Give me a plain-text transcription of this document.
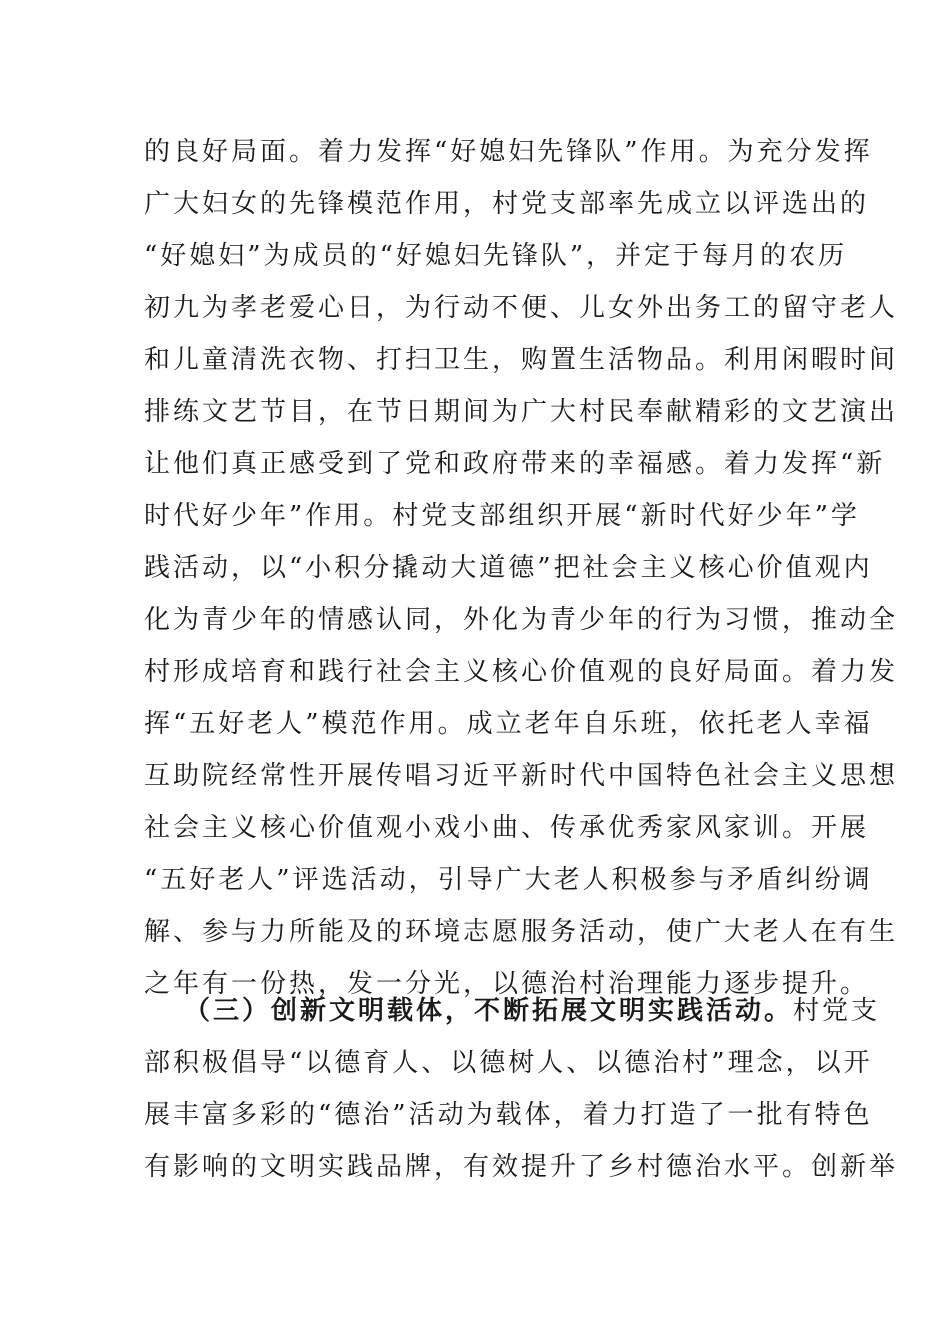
的良好局面。着力发挥“好媳妇先锋队”作用。为充分发挥
广大妇女的先锋模范作用，村党支部率先成立以评选出的
“好媳妇”为成员的“好媳妇先锋队”，并定于每月的农历
初九为孝老爱心日，为行动不便、儿女外出务工的留守老人
和儿童清洗衣物、打扫卫生，购置生活物品。利用闲暇时间
排练文艺节目，在节日期间为广大村民奉献精彩的文艺演出
让他们真正感受到了党和政府带来的幸福感。着力发挥“新
时代好少年”作用。村党支部组织开展“新时代好少年”学
践活动，以“小积分撬动大道德”把社会主义核心价值观内
化为青少年的情感认同，外化为青少年的行为习惯，推动全
村形成培育和践行社会主义核心价值观的良好局面。着力发
挥“五好老人”模范作用。成立老年自乐班，依托老人幸福
互助院经常性开展传唱习近平新时代中国特色社会主义思想
社会主义核心价值观小戏小曲、传承优秀家风家训。开展
“五好老人”评选活动，引导广大老人积极参与矛盾纠纷调
解、参与力所能及的环境志愿服务活动，使广大老人在有生
之年有一份热，发一分光，以德治村治理能力逐步提升。
（三）创新文明载体，不断拓展文明实践活动。村党支
部积极倡导“以德育人、以德树人、以德治村”理念，以开
展丰富多彩的“德治”活动为载体，着力打造了一批有特色
有影响的文明实践品牌，有效提升了乡村德治水平。创新举
